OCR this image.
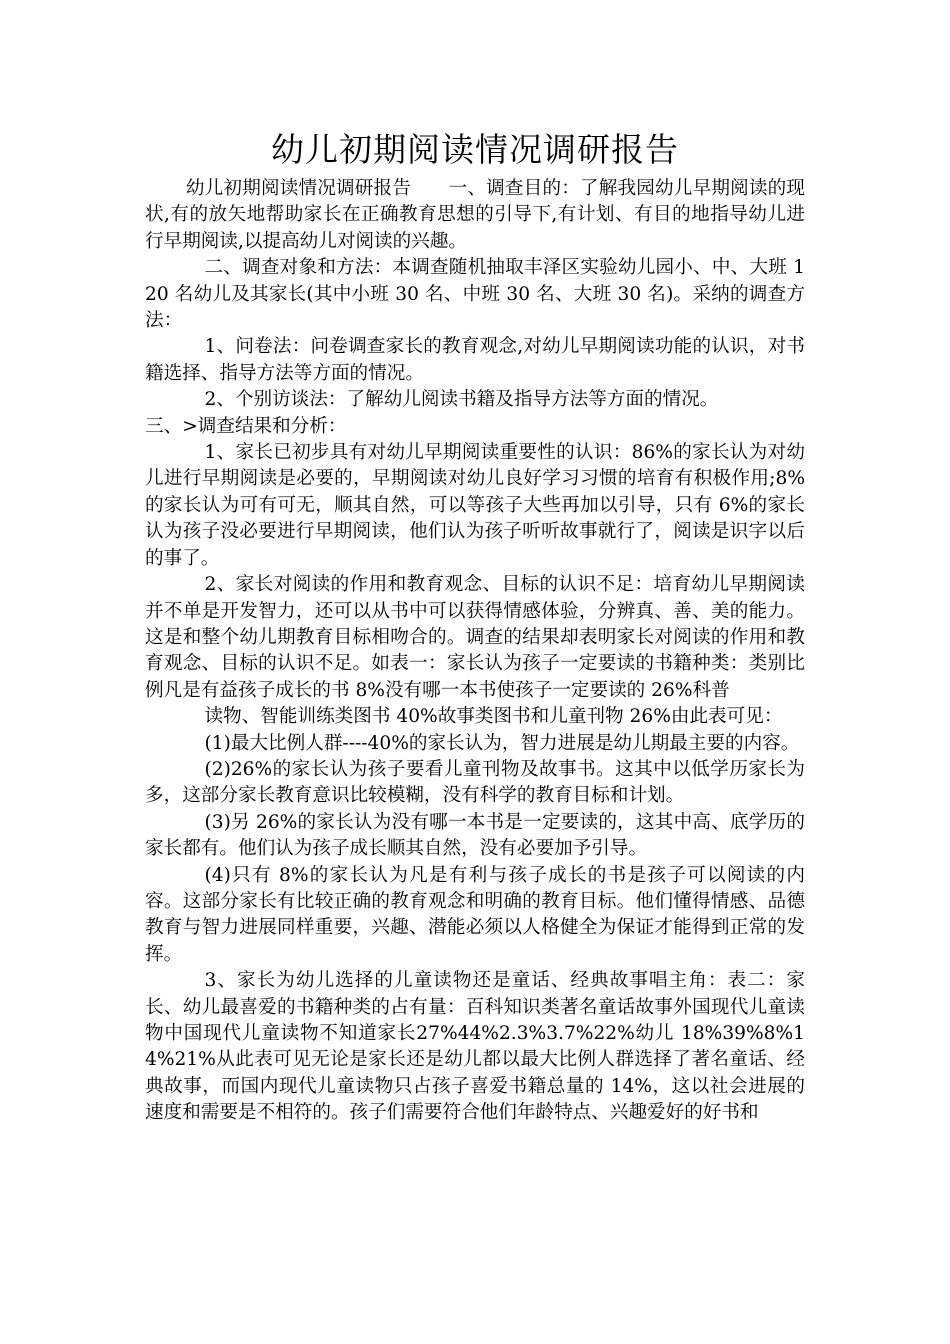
幼儿初期阅读情况调研报告

幼儿初期阅读情况调研报告　　一、调查目的：了解我园幼儿早期阅读的现状,有的放矢地帮助家长在正确教育思想的引导下,有计划、有目的地指导幼儿进行早期阅读,以提高幼儿对阅读的兴趣。

二、调查对象和方法：本调查随机抽取丰泽区实验幼儿园小、中、大班 120 名幼儿及其家长(其中小班 30 名、中班 30 名、大班 30 名)。采纳的调查方法：

1、问卷法：问卷调查家长的教育观念,对幼儿早期阅读功能的认识，对书籍选择、指导方法等方面的情况。

2、个别访谈法：了解幼儿阅读书籍及指导方法等方面的情况。

三、>调查结果和分析：

1、家长已初步具有对幼儿早期阅读重要性的认识：86%的家长认为对幼儿进行早期阅读是必要的，早期阅读对幼儿良好学习习惯的培育有积极作用;8%的家长认为可有可无，顺其自然，可以等孩子大些再加以引导，只有 6%的家长认为孩子没必要进行早期阅读，他们认为孩子听听故事就行了，阅读是识字以后的事了。

2、家长对阅读的作用和教育观念、目标的认识不足：培育幼儿早期阅读并不单是开发智力，还可以从书中可以获得情感体验，分辨真、善、美的能力。这是和整个幼儿期教育目标相吻合的。调查的结果却表明家长对阅读的作用和教育观念、目标的认识不足。如表一：家长认为孩子一定要读的书籍种类：类别比例凡是有益孩子成长的书 8%没有哪一本书使孩子一定要读的 26%科普

读物、智能训练类图书 40%故事类图书和儿童刊物 26%由此表可见：

(1)最大比例人群----40%的家长认为，智力进展是幼儿期最主要的内容。

(2)26%的家长认为孩子要看儿童刊物及故事书。这其中以低学历家长为多，这部分家长教育意识比较模糊，没有科学的教育目标和计划。

(3)另 26%的家长认为没有哪一本书是一定要读的，这其中高、底学历的家长都有。他们认为孩子成长顺其自然，没有必要加予引导。

(4)只有 8%的家长认为凡是有利与孩子成长的书是孩子可以阅读的内容。这部分家长有比较正确的教育观念和明确的教育目标。他们懂得情感、品德教育与智力进展同样重要，兴趣、潜能必须以人格健全为保证才能得到正常的发挥。

3、家长为幼儿选择的儿童读物还是童话、经典故事唱主角：表二：家长、幼儿最喜爱的书籍种类的占有量：百科知识类著名童话故事外国现代儿童读物中国现代儿童读物不知道家长27%44%2.3%3.7%22%幼儿 18%39%8%14%21%从此表可见无论是家长还是幼儿都以最大比例人群选择了著名童话、经典故事，而国内现代儿童读物只占孩子喜爱书籍总量的 14%，这以社会进展的速度和需要是不相符的。孩子们需要符合他们年龄特点、兴趣爱好的好书和
